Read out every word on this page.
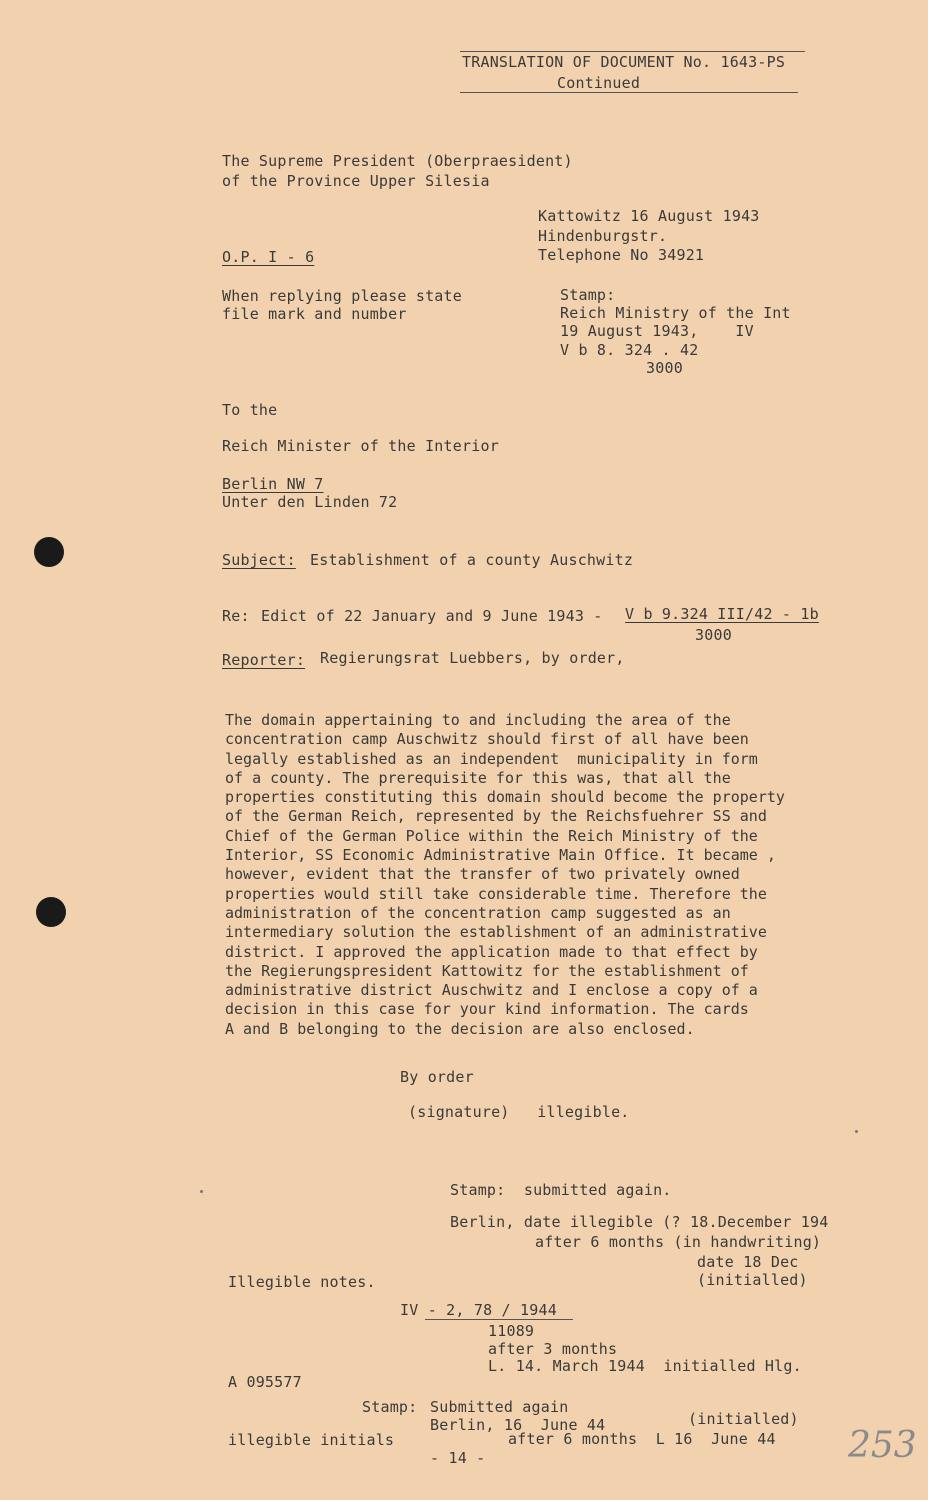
TRANSLATION OF DOCUMENT No. 1643-PS
Continued
The Supreme President (Oberpraesident)
of the Province Upper Silesia
Kattowitz 16 August 1943
Hindenburgstr.
Telephone No 34921
O.P. I - 6
When replying please state
file mark and number
Stamp:
Reich Ministry of the Int
19 August 1943,    IV
V b 8. 324 . 42
3000
To the
Reich Minister of the Interior
Berlin NW 7
Unter den Linden 72
Subject: Establishment of a county Auschwitz
Re: Edict of 22 January and 9 June 1943 - V b 9.324 III/42 - 1b
3000
Reporter: Regierungsrat Luebbers, by order,
The domain appertaining to and including the area of the
concentration camp Auschwitz should first of all have been
legally established as an independent  municipality in form
of a county. The prerequisite for this was, that all the
properties constituting this domain should become the property
of the German Reich, represented by the Reichsfuehrer SS and
Chief of the German Police within the Reich Ministry of the
Interior, SS Economic Administrative Main Office. It became ,
however, evident that the transfer of two privately owned
properties would still take considerable time. Therefore the
administration of the concentration camp suggested as an
intermediary solution the establishment of an administrative
district. I approved the application made to that effect by
the Regierungspresident Kattowitz for the establishment of
administrative district Auschwitz and I enclose a copy of a
decision in this case for your kind information. The cards
A and B belonging to the decision are also enclosed.
By order
(signature)   illegible.
Stamp:  submitted again.
Berlin, date illegible (? 18.December 194
after 6 months (in handwriting)
date 18 Dec
(initialled)
Illegible notes.
IV - 2, 78 / 1944
11089
after 3 months
L. 14. March 1944  initialled Hlg.
A 095577
Stamp: Submitted again
Berlin, 16  June 44	(initialled)
illegible initials	after 6 months  L 16  June 44
- 14 -	253
